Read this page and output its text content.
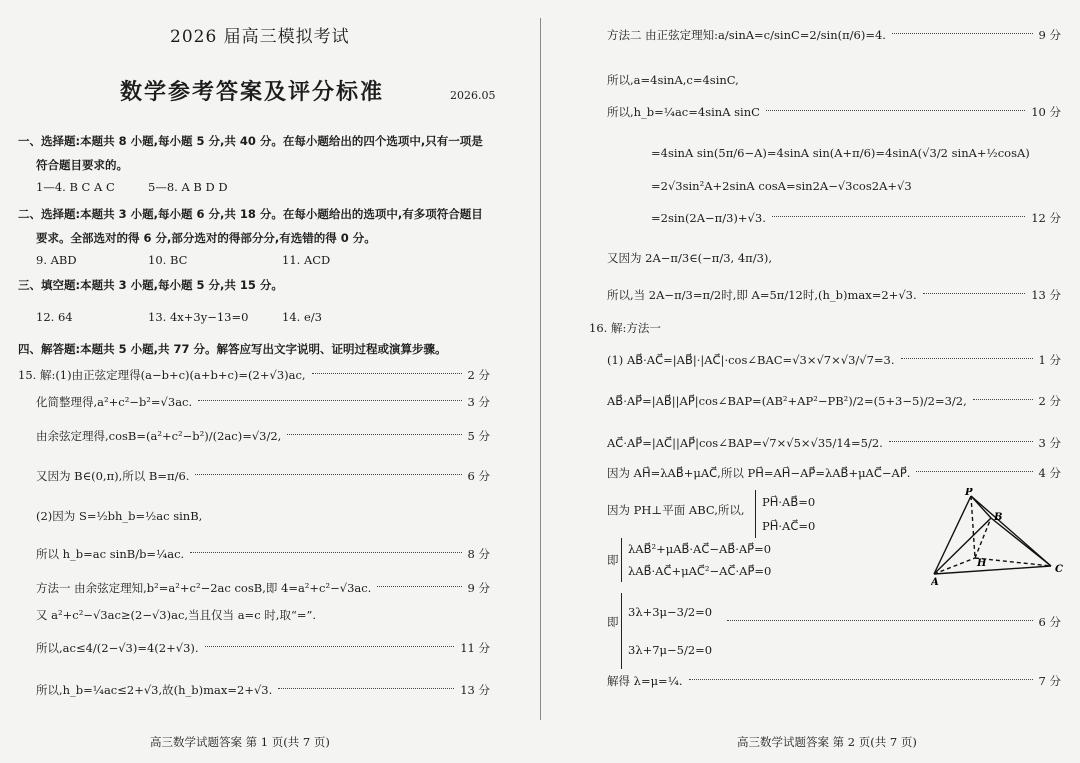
2026 届高三模拟考试
数学参考答案及评分标准	2026.05
一、选择题:本题共 8 小题,每小题 5 分,共 40 分。在每小题给出的四个选项中,只有一项是
符合题目要求的。
1—4. B C A C	5—8. A B D D
二、选择题:本题共 3 小题,每小题 6 分,共 18 分。在每小题给出的选项中,有多项符合题目
要求。全部选对的得 6 分,部分选对的得部分分,有选错的得 0 分。
9. ABD	10. BC	11. ACD
三、填空题:本题共 3 小题,每小题 5 分,共 15 分。
12. 64	13. 4x+3y−13=0	14. e/3
四、解答题:本题共 5 小题,共 77 分。解答应写出文字说明、证明过程或演算步骤。
15. 解:(1)由正弦定理得(a−b+c)(a+b+c)=(2+√3)ac,	2 分
化简整理得,a²+c²−b²=√3ac.	3 分
由余弦定理得,cosB=(a²+c²−b²)/(2ac)=√3/2,	5 分
又因为 B∈(0,π),所以 B=π/6.	6 分
(2)因为 S=½bh_b=½ac sinB,
所以 h_b=ac sinB/b=¼ac.	8 分
方法一 由余弦定理知,b²=a²+c²−2ac cosB,即 4=a²+c²−√3ac.	9 分
又 a²+c²−√3ac≥(2−√3)ac,当且仅当 a=c 时,取“=”.
所以,ac≤4/(2−√3)=4(2+√3).	11 分
所以,h_b=¼ac≤2+√3,故(h_b)max=2+√3.	13 分
高三数学试题答案 第 1 页(共 7 页)
方法二 由正弦定理知:a/sinA=c/sinC=2/sin(π/6)=4.	9 分
所以,a=4sinA,c=4sinC,
所以,h_b=¼ac=4sinA sinC	10 分
=4sinA sin(5π/6−A)=4sinA sin(A+π/6)=4sinA(√3/2 sinA+½cosA)
=2√3sin²A+2sinA cosA=sin2A−√3cos2A+√3
=2sin(2A−π/3)+√3.	12 分
又因为 2A−π/3∈(−π/3, 4π/3),
所以,当 2A−π/3=π/2时,即 A=5π/12时,(h_b)max=2+√3.	13 分
16. 解:方法一
(1) AB⃗·AC⃗=|AB⃗|·|AC⃗|·cos∠BAC=√3×√7×√3/√7=3.	1 分
AB⃗·AP⃗=|AB⃗||AP⃗|cos∠BAP=(AB²+AP²−PB²)/2=(5+3−5)/2=3/2,	2 分
AC⃗·AP⃗=|AC⃗||AP⃗|cos∠BAP=√7×√5×√35/14=5/2.	3 分
因为 AH⃗=λAB⃗+μAC⃗,所以 PH⃗=AH⃗−AP⃗=λAB⃗+μAC⃗−AP⃗.	4 分
因为 PH⊥平面 ABC,所以,
PH⃗·AB⃗=0
PH⃗·AC⃗=0
即
λAB⃗²+μAB⃗·AC⃗−AB⃗·AP⃗=0
λAB⃗·AC⃗+μAC⃗²−AC⃗·AP⃗=0
即
3λ+3μ−3/2=0
3λ+7μ−5/2=0
6 分
解得 λ=μ=¼.	7 分
P
B
H
A
C
高三数学试题答案 第 2 页(共 7 页)
